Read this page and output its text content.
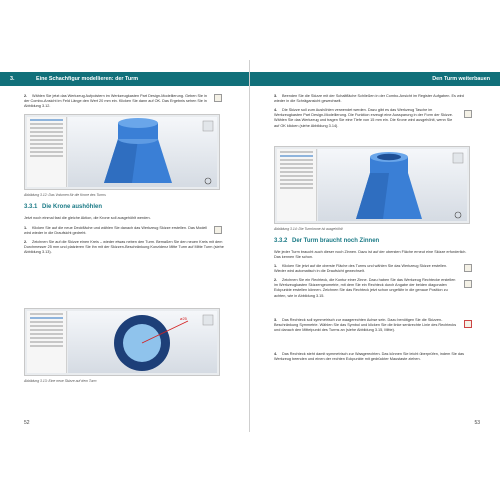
3.	Eine Schachfigur modellieren: der Turm
2. Wählen Sie jetzt das Werkzeug Aufpolstern im Werkzeugkasten Part Design-Modellierung. Geben Sie in der Combo-Ansicht im Feld Länge den Wert 20 mm ein. Klicken Sie dann auf OK. Das Ergebnis sehen Sie in Abbildung 3.12.
Abbildung 3.12: Das Volumen für die Krone des Turms
3.3.1 Die Krone aushöhlen
Jetzt noch einmal fast die gleiche Aktion, die Krone soll ausgehöhlt werden.
1. Klicken Sie auf die neue Deckfläche und wählen Sie danach das Werkzeug Skizze erstellen. Das Modell wird wieder in die Draufsicht gedreht.
2. Zeichnen Sie auf die Skizze einen Kreis – wieder etwas neben den Turm. Bemaßen Sie den neuen Kreis mit dem Durchmesser 25 mm und platzieren Sie ihn mit der Skizzen-Beschränkung Konzidenz Mitte Turm auf Mitte Turm (siehe Abbildung 3.13).
ø25
Abbildung 3.13: Eine neue Skizze auf dem Turm
52
Den Turm weiterbauen
3. Beenden Sie die Skizze mit der Schaltfläche Schließen in der Combo-Ansicht im Register Aufgaben. Es wird wieder in die Schrägansicht gewechselt.
4. Die Skizze soll zum Aushöhlen verwendet werden. Dazu gibt es das Werkzeug Tasche im Werkzeugkasten Part Design-Modellierung. Die Funktion erzeugt eine Aussparung in der Form der Skizze. Wählen Sie das Werkzeug und tragen Sie eine Tiefe von 15 mm ein. Die Krone wird ausgehöhlt, wenn Sie auf OK klicken (siehe Abbildung 3.14).
Abbildung 3.14: Die Turmkrone ist ausgehöhlt
3.3.2 Der Turm braucht noch Zinnen
Wie jeder Turm braucht auch dieser noch Zinnen. Dazu ist auf der obersten Fläche erneut eine Skizze erforderlich. Das kennen Sie schon.
1. Klicken Sie jetzt auf die oberste Fläche des Turms und wählen Sie das Werkzeug Skizze erstellen. Wieder wird automatisch in die Draufsicht gewechselt.
2. Zeichnen Sie ein Rechteck, die Kontur einer Zinne. Dazu haben Sie das Werkzeug Rechtecke erstellen im Werkzeugkasten Skizzengeometrie, mit dem Sie ein Rechteck durch Angabe der beiden diagonalen Eckpunkte erstellen können. Zeichnen Sie das Rechteck jetzt schon ungefähr in die genaue Position zu achten, wie in Abbildung 3.15.
3. Das Rechteck soll symmetrisch zur waagerechten Achse sein. Dazu benötigen Sie die Skizzen-Beschränkung Symmetrie. Wählen Sie das Symbol und klicken Sie die linke senkrechte Linie des Rechtecks und danach den Mittelpunkt des Turms an (siehe Abbildung 3.15, Mitte).
4. Das Rechteck steht damit symmetrisch zur Waagerechten. Das können Sie leicht überprüfen, indem Sie das Werkzeug beenden und einen der rechten Eckpunkte mit gedrückter Maustaste ziehen.
53
